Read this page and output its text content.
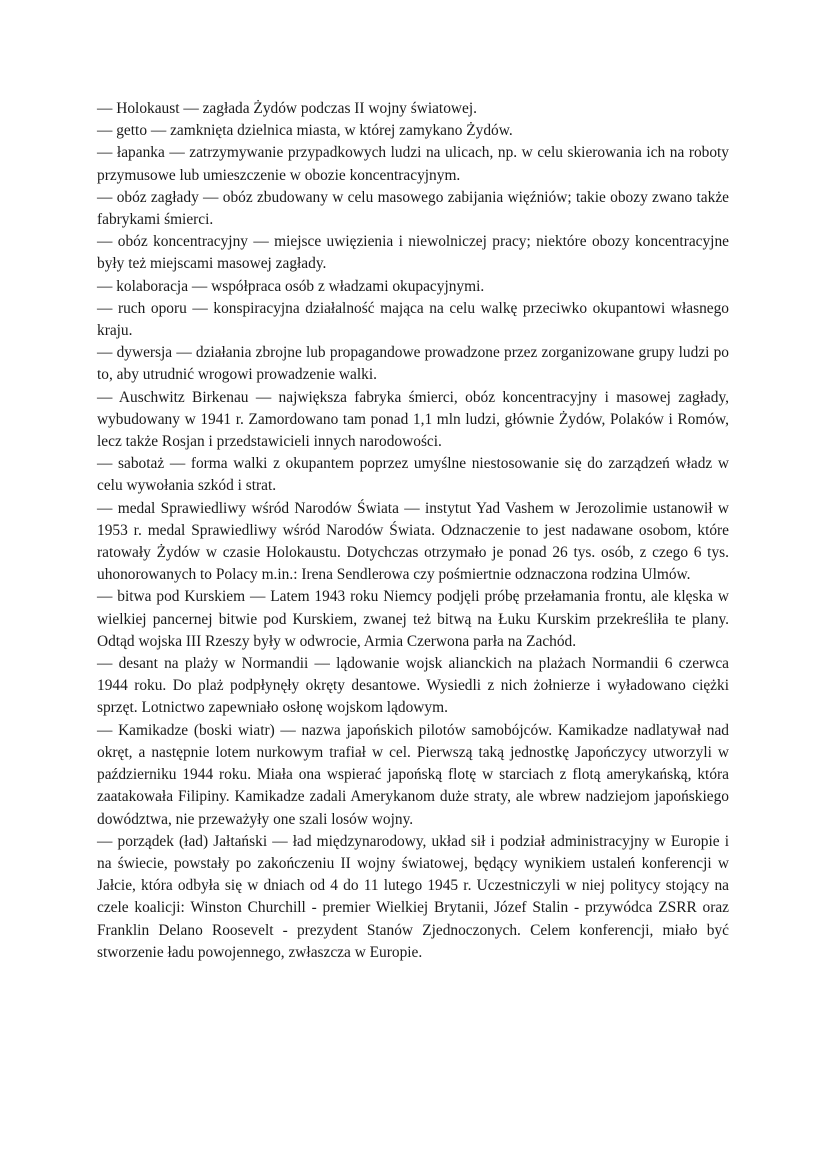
— Holokaust — zagłada Żydów podczas II wojny światowej.

— getto — zamknięta dzielnica miasta, w której zamykano Żydów.

— łapanka — zatrzymywanie przypadkowych ludzi na ulicach, np. w celu skierowania ich na roboty przymusowe lub umieszczenie w obozie koncentracyjnym.

— obóz zagłady — obóz zbudowany w celu masowego zabijania więźniów; takie obozy zwano także fabrykami śmierci.

— obóz koncentracyjny — miejsce uwięzienia i niewolniczej pracy; niektóre obozy koncentracyjne były też miejscami masowej zagłady.

— kolaboracja — współpraca osób z władzami okupacyjnymi.

— ruch oporu — konspiracyjna działalność mająca na celu walkę przeciwko okupantowi własnego kraju.

— dywersja — działania zbrojne lub propagandowe prowadzone przez zorganizowane grupy ludzi po to, aby utrudnić wrogowi prowadzenie walki.

— Auschwitz Birkenau — największa fabryka śmierci, obóz koncentracyjny i masowej zagłady, wybudowany w 1941 r. Zamordowano tam ponad 1,1 mln ludzi, głównie Żydów, Polaków i Romów, lecz także Rosjan i przedstawicieli innych narodowości.

— sabotaż — forma walki z okupantem poprzez umyślne niestosowanie się do zarządzeń władz w celu wywołania szkód i strat.

— medal Sprawiedliwy wśród Narodów Świata — instytut Yad Vashem w Jerozolimie ustanowił w 1953 r. medal Sprawiedliwy wśród Narodów Świata. Odznaczenie to jest nadawane osobom, które ratowały Żydów w czasie Holokaustu. Dotychczas otrzymało je ponad 26 tys. osób, z czego 6 tys. uhonorowanych to Polacy m.in.: Irena Sendlerowa czy pośmiertnie odznaczona rodzina Ulmów.

— bitwa pod Kurskiem — Latem 1943 roku Niemcy podjęli próbę przełamania frontu, ale klęska w wielkiej pancernej bitwie pod Kurskiem, zwanej też bitwą na Łuku Kurskim przekreśliła te plany. Odtąd wojska III Rzeszy były w odwrocie, Armia Czerwona parła na Zachód.

— desant na plaży w Normandii — lądowanie wojsk alianckich na plażach Normandii 6 czerwca 1944 roku. Do plaż podpłynęły okręty desantowe. Wysiedli z nich żołnierze i wyładowano ciężki sprzęt. Lotnictwo zapewniało osłonę wojskom lądowym.

— Kamikadze (boski wiatr) — nazwa japońskich pilotów samobójców. Kamikadze nadlatywał nad okręt, a następnie lotem nurkowym trafiał w cel. Pierwszą taką jednostkę Japończycy utworzyli w październiku 1944 roku. Miała ona wspierać japońską flotę w starciach z flotą amerykańską, która zaatakowała Filipiny. Kamikadze zadali Amerykanom duże straty, ale wbrew nadziejom japońskiego dowództwa, nie przeważyły one szali losów wojny.

— porządek (ład) Jałtański — ład międzynarodowy, układ sił i podział administracyjny w Europie i na świecie, powstały po zakończeniu II wojny światowej, będący wynikiem ustaleń konferencji w Jałcie, która odbyła się w dniach od 4 do 11 lutego 1945 r. Uczestniczyli w niej politycy stojący na czele koalicji: Winston Churchill - premier Wielkiej Brytanii, Józef Stalin - przywódca ZSRR oraz Franklin Delano Roosevelt - prezydent Stanów Zjednoczonych. Celem konferencji, miało być stworzenie ładu powojennego, zwłaszcza w Europie.
